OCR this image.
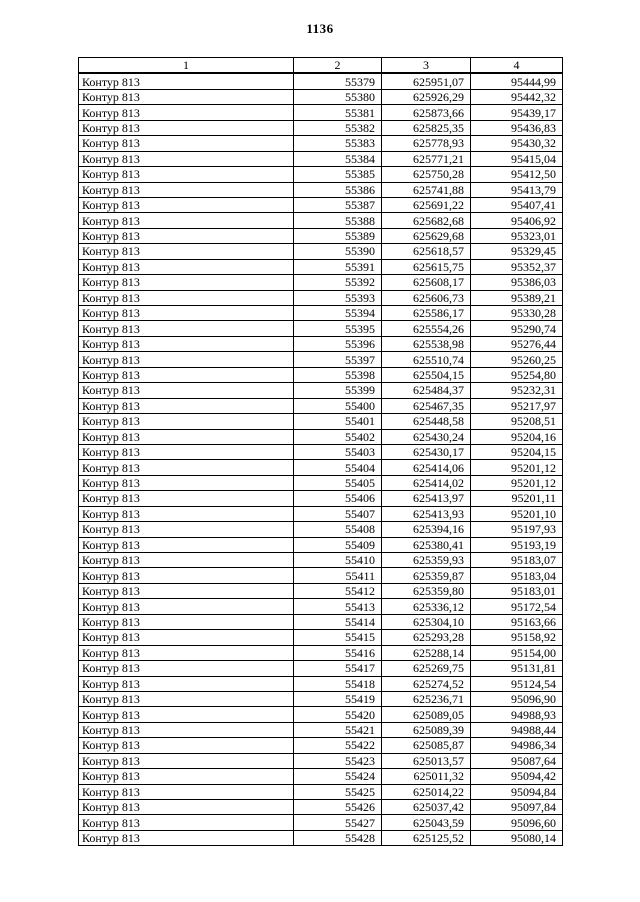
1136
1	2	3	4
Контур 813	55379	625951,07	95444,99
Контур 813	55380	625926,29	95442,32
Контур 813	55381	625873,66	95439,17
Контур 813	55382	625825,35	95436,83
Контур 813	55383	625778,93	95430,32
Контур 813	55384	625771,21	95415,04
Контур 813	55385	625750,28	95412,50
Контур 813	55386	625741,88	95413,79
Контур 813	55387	625691,22	95407,41
Контур 813	55388	625682,68	95406,92
Контур 813	55389	625629,68	95323,01
Контур 813	55390	625618,57	95329,45
Контур 813	55391	625615,75	95352,37
Контур 813	55392	625608,17	95386,03
Контур 813	55393	625606,73	95389,21
Контур 813	55394	625586,17	95330,28
Контур 813	55395	625554,26	95290,74
Контур 813	55396	625538,98	95276,44
Контур 813	55397	625510,74	95260,25
Контур 813	55398	625504,15	95254,80
Контур 813	55399	625484,37	95232,31
Контур 813	55400	625467,35	95217,97
Контур 813	55401	625448,58	95208,51
Контур 813	55402	625430,24	95204,16
Контур 813	55403	625430,17	95204,15
Контур 813	55404	625414,06	95201,12
Контур 813	55405	625414,02	95201,12
Контур 813	55406	625413,97	95201,11
Контур 813	55407	625413,93	95201,10
Контур 813	55408	625394,16	95197,93
Контур 813	55409	625380,41	95193,19
Контур 813	55410	625359,93	95183,07
Контур 813	55411	625359,87	95183,04
Контур 813	55412	625359,80	95183,01
Контур 813	55413	625336,12	95172,54
Контур 813	55414	625304,10	95163,66
Контур 813	55415	625293,28	95158,92
Контур 813	55416	625288,14	95154,00
Контур 813	55417	625269,75	95131,81
Контур 813	55418	625274,52	95124,54
Контур 813	55419	625236,71	95096,90
Контур 813	55420	625089,05	94988,93
Контур 813	55421	625089,39	94988,44
Контур 813	55422	625085,87	94986,34
Контур 813	55423	625013,57	95087,64
Контур 813	55424	625011,32	95094,42
Контур 813	55425	625014,22	95094,84
Контур 813	55426	625037,42	95097,84
Контур 813	55427	625043,59	95096,60
Контур 813	55428	625125,52	95080,14
